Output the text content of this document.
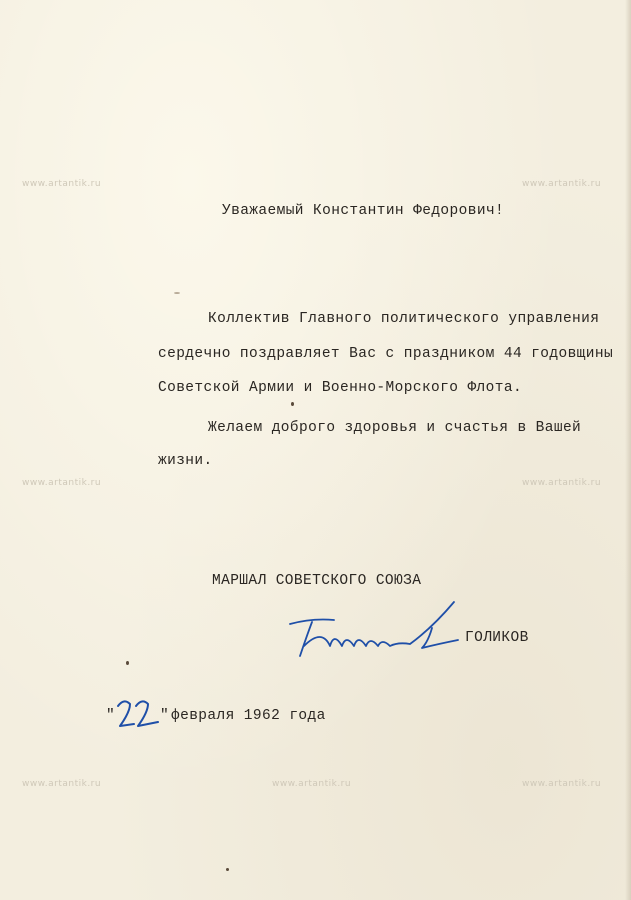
www.artantik.ru	www.artantik.ru
www.artantik.ru	www.artantik.ru
www.artantik.ru	www.artantik.ru	www.artantik.ru
Уважаемый Константин Федорович!
Коллектив Главного политического управления
сердечно поздравляет Вас с праздником 44 годовщины
Советской Армии и Военно-Морского Флота.
Желаем доброго здоровья и счастья в Вашей
жизни.
МАРШАЛ СОВЕТСКОГО СОЮЗА
ГОЛИКОВ
"	" февраля 1962 года
